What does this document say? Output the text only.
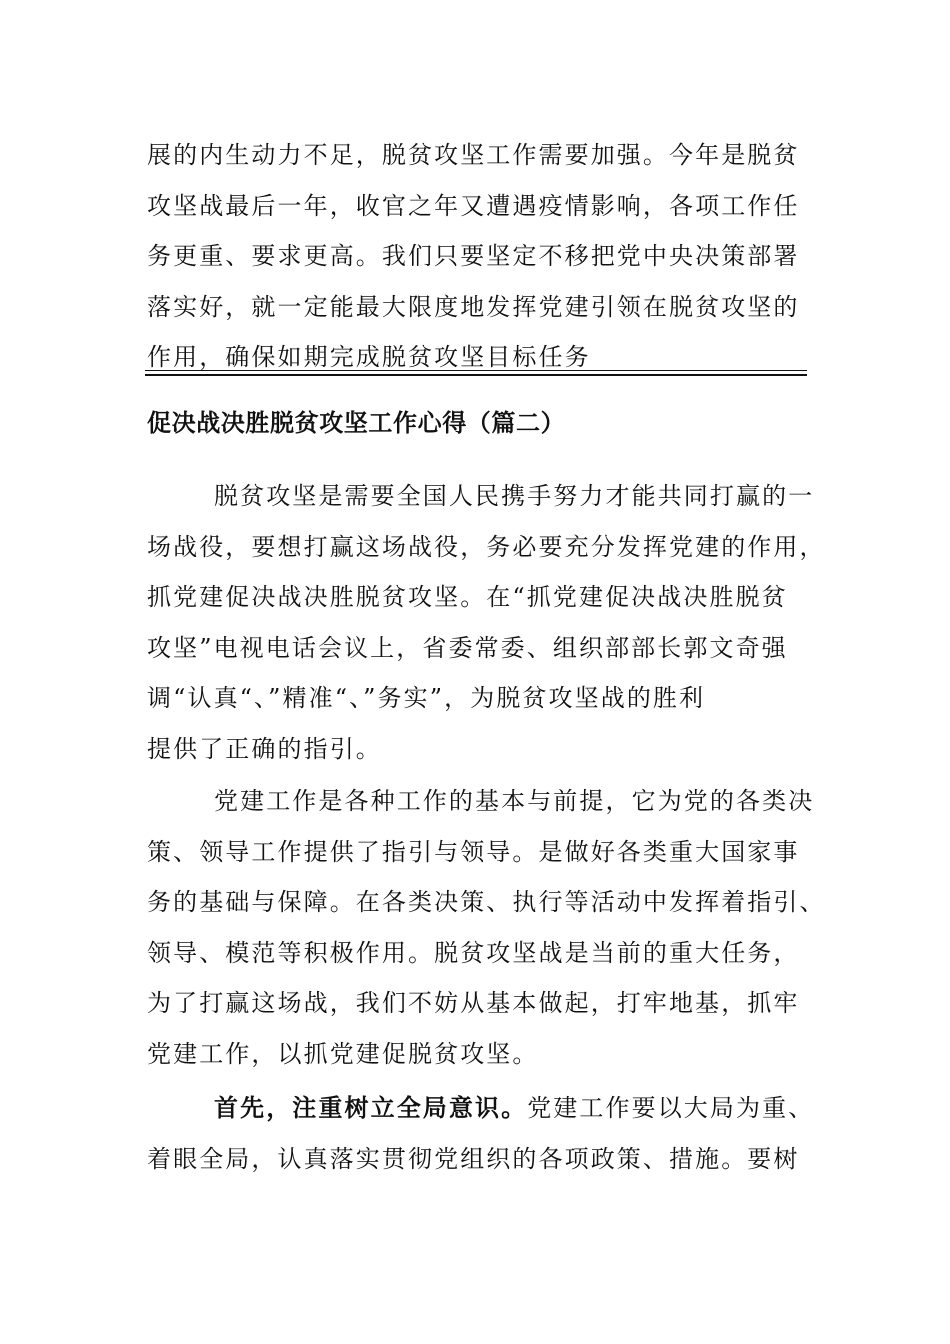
展的内生动力不足，脱贫攻坚工作需要加强。今年是脱贫
攻坚战最后一年，收官之年又遭遇疫情影响，各项工作任
务更重、要求更高。我们只要坚定不移把党中央决策部署
落实好，就一定能最大限度地发挥党建引领在脱贫攻坚的
作用，确保如期完成脱贫攻坚目标任务
促决战决胜脱贫攻坚工作心得（篇二）
脱贫攻坚是需要全国人民携手努力才能共同打赢的一
场战役，要想打赢这场战役，务必要充分发挥党建的作用，
抓党建促决战决胜脱贫攻坚。在“抓党建促决战决胜脱贫
攻坚”电视电话会议上，省委常委、组织部部长郭文奇强
调“认真“、”精准“、”务实”，为脱贫攻坚战的胜利
提供了正确的指引。
党建工作是各种工作的基本与前提，它为党的各类决
策、领导工作提供了指引与领导。是做好各类重大国家事
务的基础与保障。在各类决策、执行等活动中发挥着指引、
领导、模范等积极作用。脱贫攻坚战是当前的重大任务，
为了打赢这场战，我们不妨从基本做起，打牢地基，抓牢
党建工作，以抓党建促脱贫攻坚。
首先，注重树立全局意识。党建工作要以大局为重、
着眼全局，认真落实贯彻党组织的各项政策、措施。要树
